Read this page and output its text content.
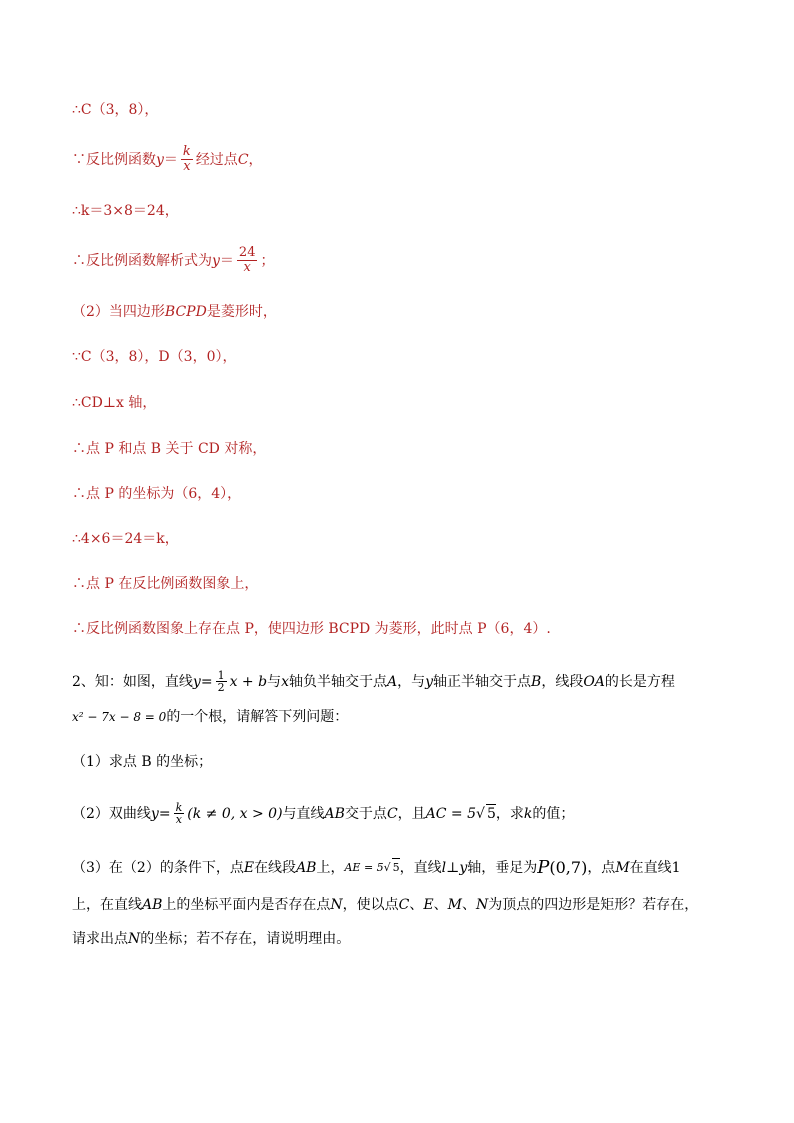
∴C（3，8），
∵反比例函数 $y = \frac{k}{x}$ 经过点 C ，
∴k＝3×8＝24，
∴反比例函数解析式为 $y = \frac{24}{x}$ ；
（2）当四边形 BCPD 是菱形时，
∵C（3，8），D（3，0），
∴CD⊥x 轴，
∴点 P 和点 B 关于 CD 对称，
∴点 P 的坐标为（6，4），
∴4×6＝24＝k，
∴点 P 在反比例函数图象上，
∴反比例函数图象上存在点 P，使四边形 BCPD 为菱形，此时点 P（6，4）.
2、知：如图，直线 $y = \frac{1}{2}$ x + b 与 x 轴负半轴交于点 A ，与 y 轴正半轴交于点 B ，线段 OA 的长是方程
x² − 7x − 8 = 0 的一个根，请解答下列问题：
（1）求点 B 的坐标；
（2）双曲线 $y = \frac{k}{x} (k \ne 0$, x > 0) 与直线 AB 交于点 C ，且 AC = 5 √ 5 ，求 k 的值；
（3）在（2）的条件下，点 E 在线段 AB 上， AE = 5 √ 5 ，直线 l ⊥ y 轴，垂足为 P (0,7) ，点 M 在直线 1
上，在直线 AB 上的坐标平面内是否存在点 N ，使以点 C 、 E 、 M 、 N 为顶点的四边形是矩形？若存在，
请求出点 N 的坐标；若不存在，请说明理由。
